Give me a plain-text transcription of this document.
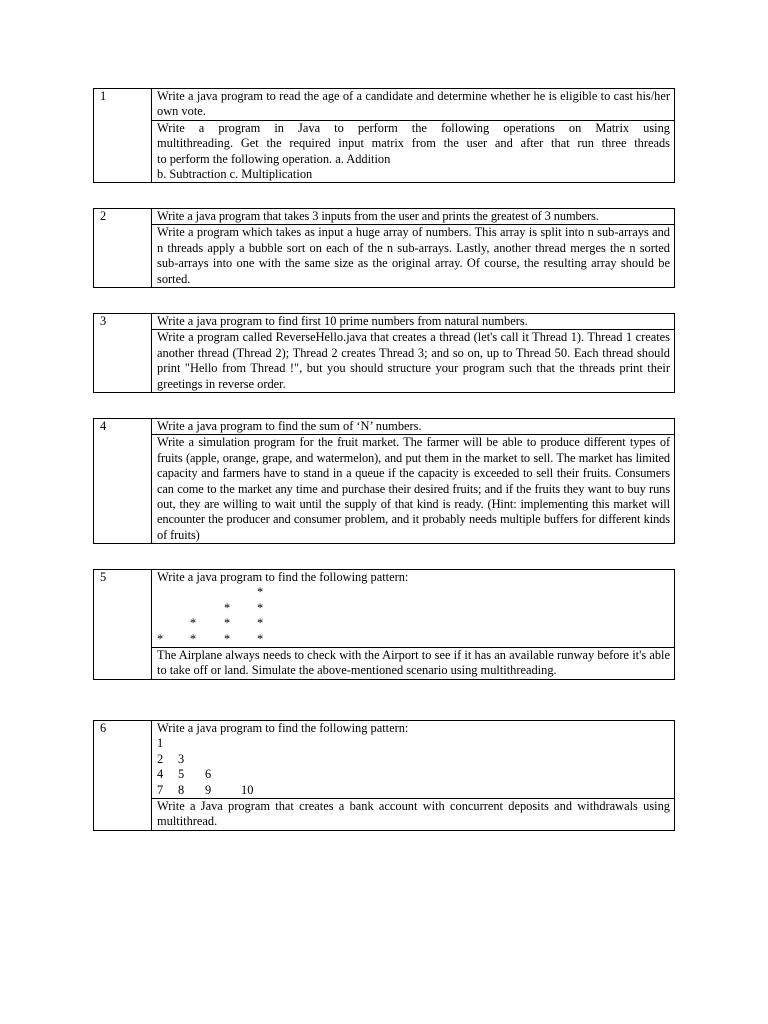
1	Write a java program to read the age of a candidate and determine whether he is eligible to cast his/her own vote.

Write a program in Java to perform the following operations on Matrix using
multithreading. Get the required input matrix from the user and after that run three threads
to perform the following operation. a. Addition
b. Subtraction c. Multiplication
2	Write a java program that takes 3 inputs from the user and prints the greatest of 3 numbers.
Write a program which takes as input a huge array of numbers. This array is split into n sub-arrays and n threads apply a bubble sort on each of the n sub-arrays. Lastly, another thread merges the n sorted sub-arrays into one with the same size as the original array. Of course, the resulting array should be sorted.
3	Write a java program to find first 10 prime numbers from natural numbers.
Write a program called ReverseHello.java that creates a thread (let's call it Thread 1). Thread 1 creates another thread (Thread 2); Thread 2 creates Thread 3; and so on, up to Thread 50. Each thread should print "Hello from Thread !", but you should structure your program such that the threads print their greetings in reverse order.
4	Write a java program to find the sum of ‘N’ numbers.
Write a simulation program for the fruit market. The farmer will be able to produce different types of fruits (apple, orange, grape, and watermelon), and put them in the market to sell. The market has limited capacity and farmers have to stand in a queue if the capacity is exceeded to sell their fruits. Consumers can come to the market any time and purchase their desired fruits; and if the fruits they want to buy runs out, they are willing to wait until the supply of that kind is ready. (Hint: implementing this market will encounter the producer and consumer problem, and it probably needs multiple buffers for different kinds of fruits)
5	Write a java program to find the following pattern:
*
* *
* * *
* * * *

The Airplane always needs to check with the Airport to see if it has an available runway before it's able to take off or land. Simulate the above-mentioned scenario using multithreading.
6	Write a java program to find the following pattern:
1
2 3
4 5 6
7 8 9 10

Write a Java program that creates a bank account with concurrent deposits and withdrawals using multithread.
